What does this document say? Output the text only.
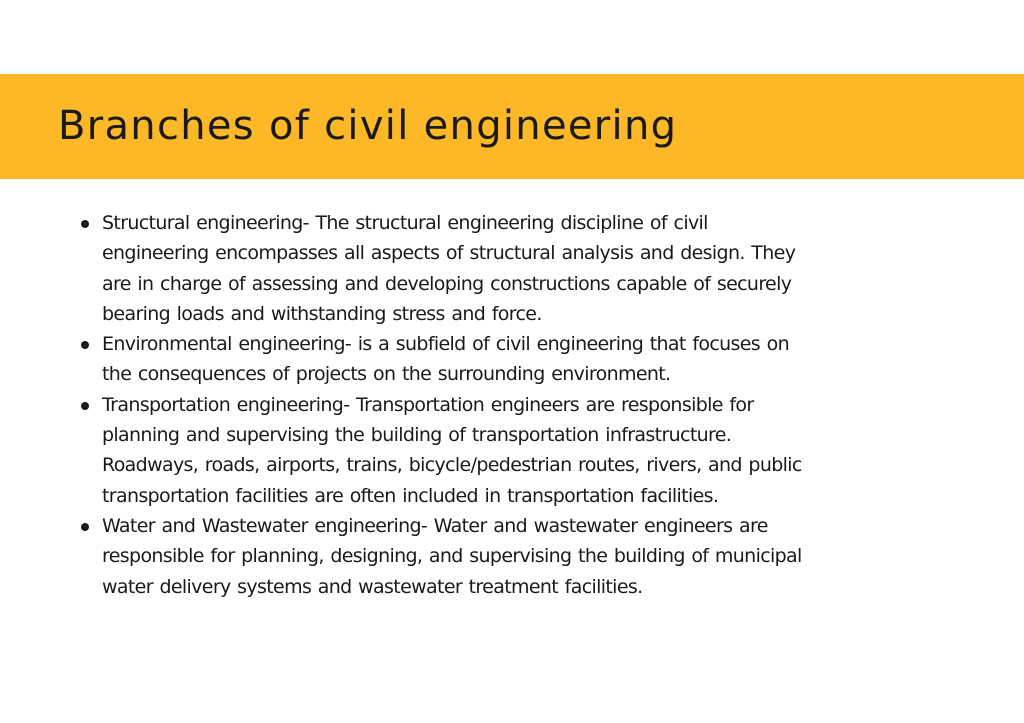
Branches of civil engineering
Structural engineering- The structural engineering discipline of civil
engineering encompasses all aspects of structural analysis and design. They
are in charge of assessing and developing constructions capable of securely
bearing loads and withstanding stress and force.
Environmental engineering- is a subfield of civil engineering that focuses on
the consequences of projects on the surrounding environment.
Transportation engineering- Transportation engineers are responsible for
planning and supervising the building of transportation infrastructure.
Roadways, roads, airports, trains, bicycle/pedestrian routes, rivers, and public
transportation facilities are often included in transportation facilities.
Water and Wastewater engineering- Water and wastewater engineers are
responsible for planning, designing, and supervising the building of municipal
water delivery systems and wastewater treatment facilities.
